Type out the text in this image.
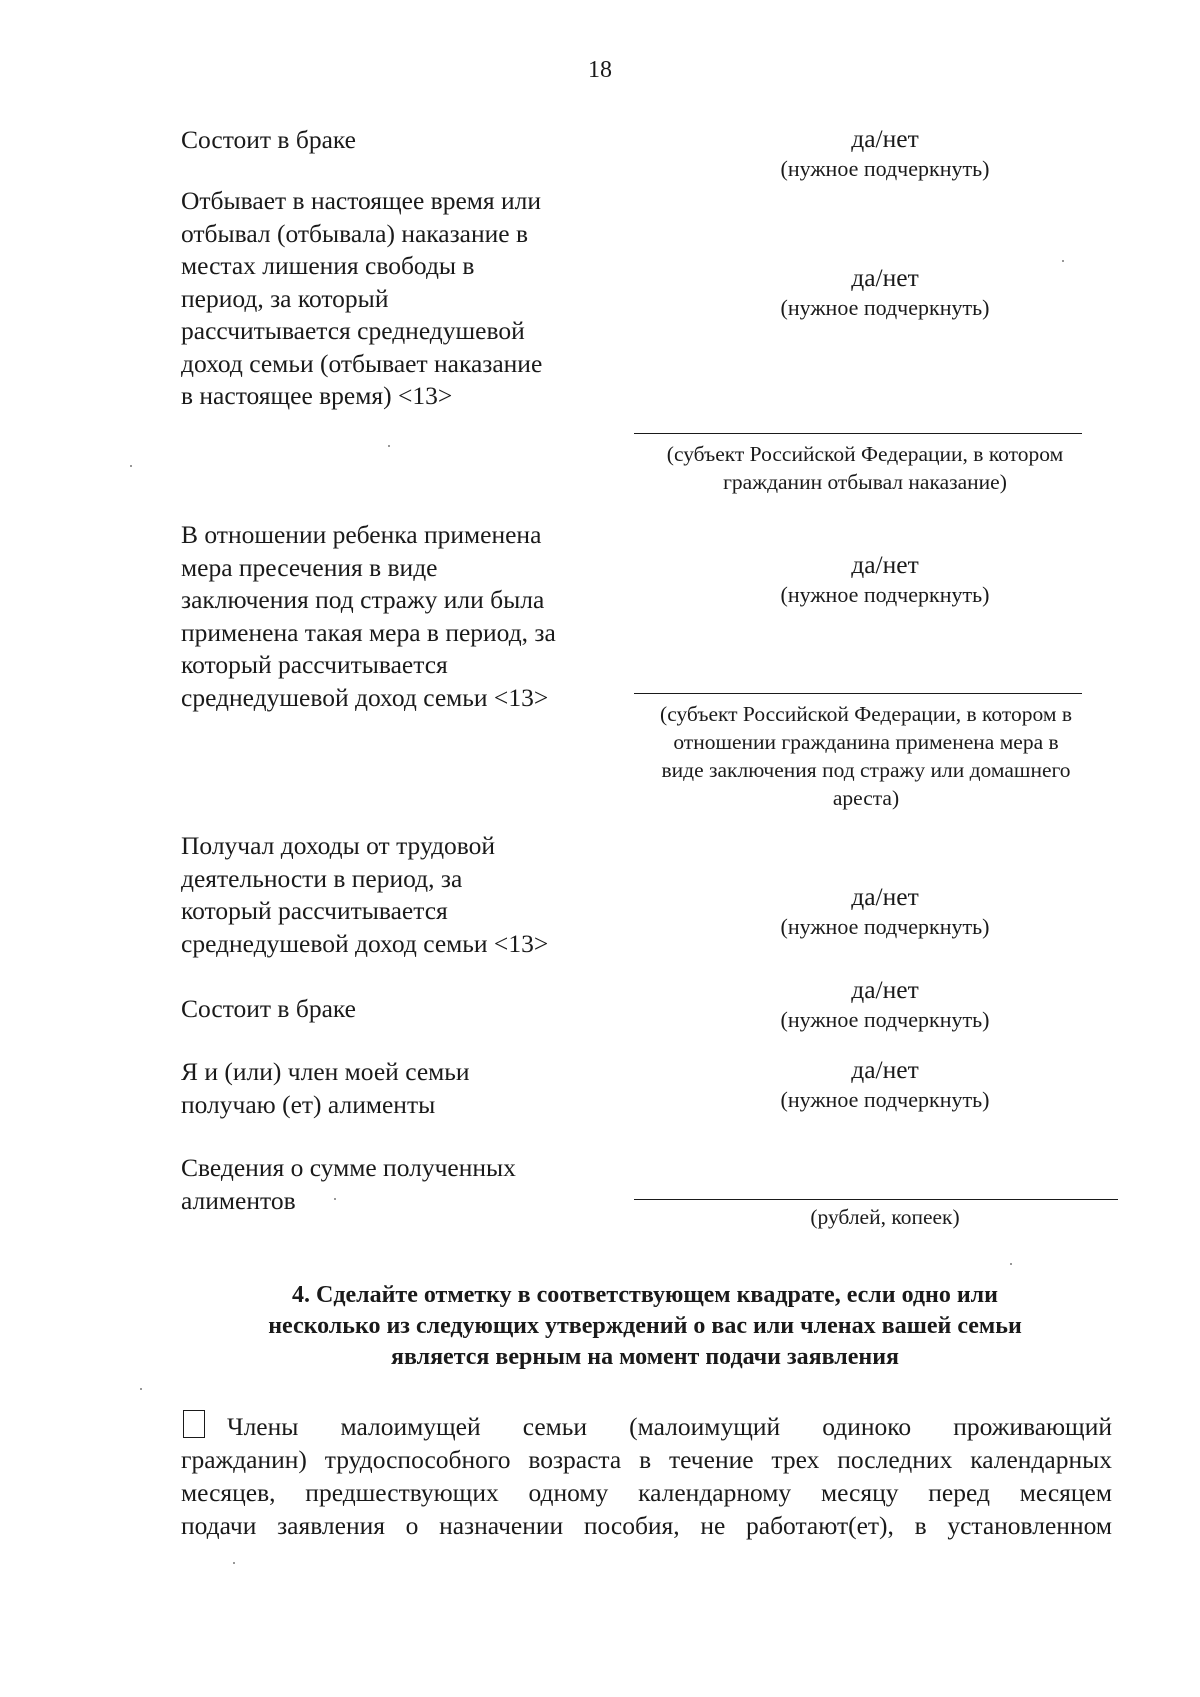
18
Состоит в браке	да/нет
(нужное подчеркнуть)
Отбывает в настоящее время или
отбывал (отбывала) наказание в
местах лишения свободы в
период, за который
рассчитывается среднедушевой
доход семьи (отбывает наказание
в настоящее время) <13>
да/нет
(нужное подчеркнуть)
(субъект Российской Федерации, в котором
гражданин отбывал наказание)
В отношении ребенка применена
мера пресечения в виде
заключения под стражу или была
применена такая мера в период, за
который рассчитывается
среднедушевой доход семьи <13>
да/нет
(нужное подчеркнуть)
(субъект Российской Федерации, в котором в
отношении гражданина применена мера в
виде заключения под стражу или домашнего
ареста)
Получал доходы от трудовой
деятельности в период, за
который рассчитывается
среднедушевой доход семьи <13>
да/нет
(нужное подчеркнуть)
Состоит в браке
да/нет
(нужное подчеркнуть)
Я и (или) член моей семьи
получаю (ет) алименты
да/нет
(нужное подчеркнуть)
Сведения о сумме полученных
алиментов
(рублей, копеек)
4. Сделайте отметку в соответствующем квадрате, если одно или
несколько из следующих утверждений о вас или членах вашей семьи
является верным на момент подачи заявления
Члены малоимущей семьи (малоимущий одиноко проживающий
гражданин) трудоспособного возраста в течение трех последних календарных
месяцев, предшествующих одному календарному месяцу перед месяцем
подачи заявления о назначении пособия, не работают(ет), в установленном
